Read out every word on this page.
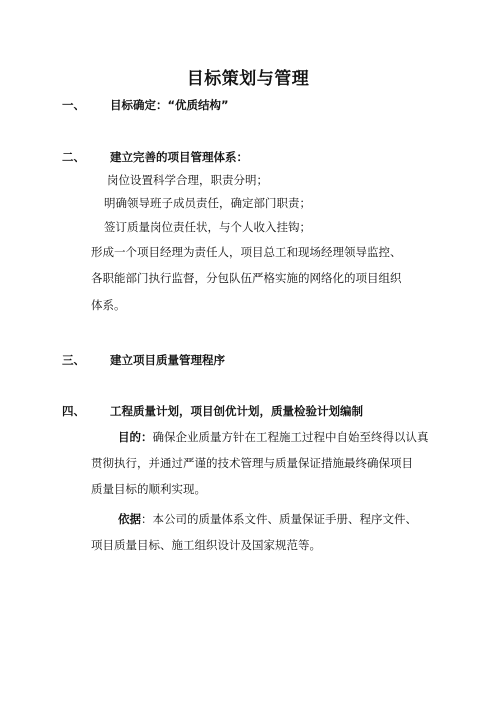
目标策划与管理
一、 目标确定：“优质结构”
二、 建立完善的项目管理体系：
岗位设置科学合理，职责分明；
明确领导班子成员责任，确定部门职责；
签订质量岗位责任状，与个人收入挂钩；
形成一个项目经理为责任人，项目总工和现场经理领导监控、
各职能部门执行监督，分包队伍严格实施的网络化的项目组织
体系。
三、 建立项目质量管理程序
四、 工程质量计划，项目创优计划，质量检验计划编制
目的：确保企业质量方针在工程施工过程中自始至终得以认真
贯彻执行，并通过严谨的技术管理与质量保证措施最终确保项目
质量目标的顺利实现。
依据：本公司的质量体系文件、质量保证手册、程序文件、
项目质量目标、施工组织设计及国家规范等。
